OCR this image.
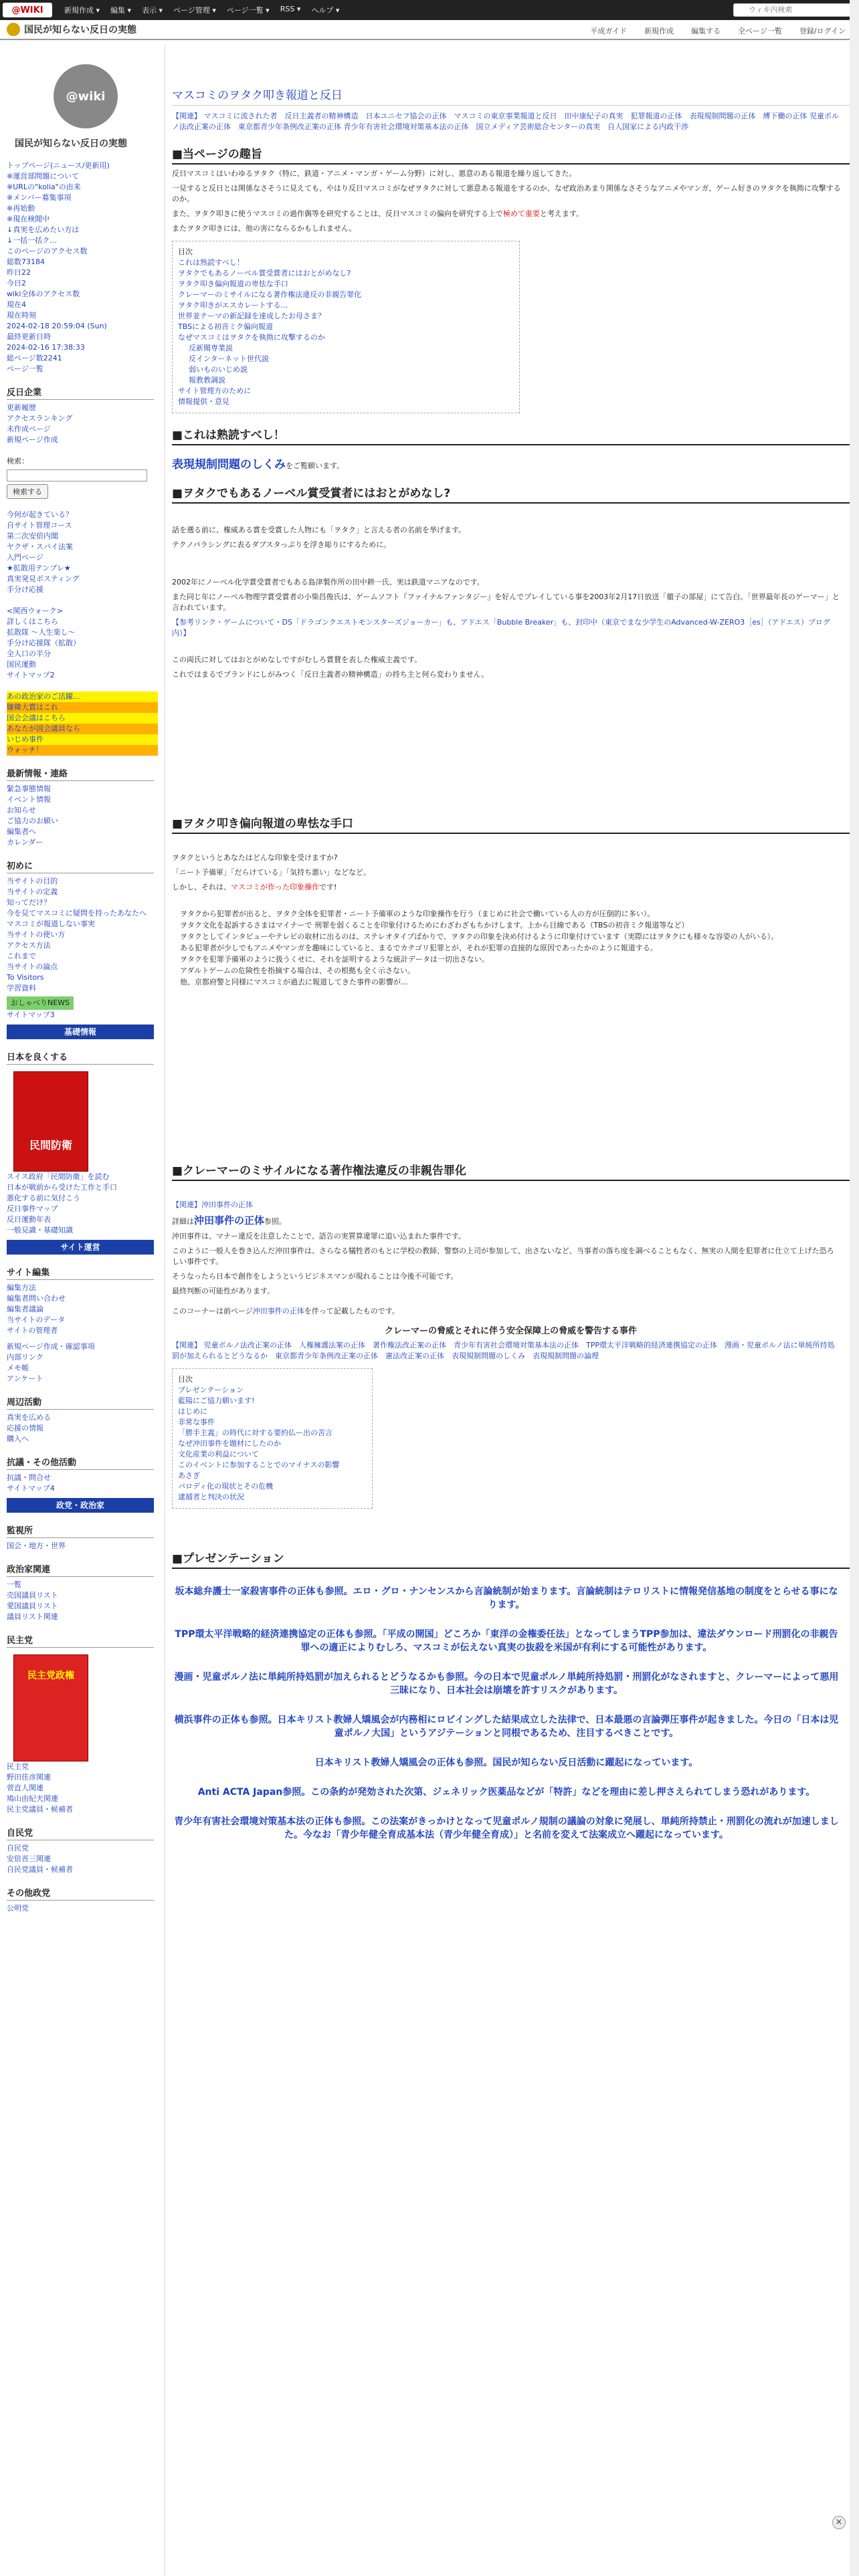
@WIKI	新規作成 ▾ 編集 ▾ 表示 ▾ ページ管理 ▾ ページ一覧 ▾ RSS ▾ ヘルプ ▾
ウィキ内検索
国民が知らない反日の実態	平成ガイド 新規作成 編集する 全ページ一覧 登録/ログイン
@wiki
国民が知らない反日の実態
トップページ(ニュース/更新用)
※運営部問題について
※URLの"kolia"の由来
※メンバー募集事項
※再始動
※現在検閲中
↓真実を広めたい方は
↓一括一括ク...
このページのアクセス数
総数73184
昨日22
今日2
wiki全体のアクセス数
現在4
現在時刻
2024-02-18 20:59:04 (Sun)
最終更新日時
2024-02-16 17:38:33
総ページ数2241
ページ一覧
反日企業
更新履歴
アクセスランキング
未作成ページ
新規ページ作成
検索：
検索する
今何が起きている？
自サイト管理コース
第二次安倍内閣
ヤクザ・スパイ法案
入門ページ
★拡散用テンプレ★
真実発見ポスティング
手分け応援
<関西ウォーク>
詳しくはこちら
拡散隊 〜人生楽し〜
手分け応援隊（拡散）
全人口の半分
国民運動
サイトマップ2
あの政治家のご活躍...
嫌韓大賞はこれ
国会会議はこちら
あなたが国会議員なら
いじめ事件
ウォッチ！
最新情報・連絡
緊急事態情報
イベント情報
お知らせ
ご協力のお願い
編集者へ
カレンダー
初めに
当サイトの目的
当サイトの定義
知ってだけ？
今を見てマスコミに疑問を持ったあなたへ
マスコミが報道しない事実
当サイトの使い方
アクセス方法
これまで
当サイトの論点
To Visitors
学習資料
おしゃべりNEWS
サイトマップ3
基礎情報
日本を良くする
民間防衛
スイス政府「民間防衛」を読む
日本が戦前から受けた工作と手口
悪化する前に気付こう
反日事件マップ
反日運動年表
一般見識・基礎知識
サイト運営
サイト編集
編集方法
編集者問い合わせ
編集者議論
当サイトのデータ
サイトの管理者
新規ページ作成・確認事項
内部リンク
メモ帳
アンケート
周辺活動
真実を広める
応援の情報
購入へ
抗議・その他活動
抗議・問合せ
サイトマップ4
政党・政治家
監視所
国会・地方・世界
政治家関連
一覧
売国議員リスト
愛国議員リスト
議員リスト関連
民主党
民主党政権
民主党
野田佳彦関連
菅直人関連
鳩山由紀夫関連
民主党議員・候補者
自民党
自民党
安倍晋三関連
自民党議員・候補者
その他政党
公明党
マスコミのヲタク叩き報道と反日
【関連】 マスコミに流された者　反日主義者の精神構造　日本ユニセフ協会の正体　マスコミの東京事業報道と反日　田中康紀子の真実　犯罪報道の正体　表現規制問題の正体　縛下働の正体 児童ポルノ法改正案の正体　東京都青少年条例改正案の正体 青少年有害社会環境対策基本法の正体　国立メディア芸術総合センターの真実　自人国家による内政干渉
■当ページの趣旨
反日マスコミはいわゆるヲタク（特に、鉄道・アニメ・マンガ・ゲーム分野）に対し、悪意のある報道を繰り返してきた。
一見すると反日とは関係なさそうに見えても、やはり反日マスコミがなぜヲタクに対して悪意ある報道をするのか、なぜ政治あまり関係なさそうなアニメやマンガ、ゲーム好きのヲタクを執拗に攻撃するのか。
また、ヲタク叩きに使うマスコミの過作偶等を研究することは、反日マスコミの偏向を研究する上で極めて重要と考えます。
またヲタク叩きには、他の害にならるかもしれません。
目次
これは熟読すべし！
ヲタクでもあるノーベル賞受賞者にはおとがめなし?
ヲタク叩き偏向報道の卑怯な手口
クレーマーのミサイルになる著作権法違反の非親告罪化
ヲタク叩きがエスカレートする…
世界並テーマの新記録を達成したお母さま？
TBSによる初音ミク偏向報道
なぜマスコミはヲタクを執拗に攻撃するのか
反新聞専業説
反インターネット世代説
弱いものいじめ説
報教教調説
サイト管理方のために
情報提供・意見
■これは熟読すべし！
表現規制問題のしくみをご覧願います。
■ヲタクでもあるノーベル賞受賞者にはおとがめなし?
話を遡る前に、権威ある賞を受賞した人物にも「ヲタク」と言える者の名前を挙げます。
テクノパラシングに表るダブスタっぷりを浮き彫りにするために。
2002年にノーベル化学賞受賞者でもある島津製作所の田中耕一氏、実は鉄道マニアなのです。
また同じ年にノーベル物理学賞受賞者の小柴昌俊氏は、ゲームソフト『ファイナルファンタジー』を好んでプレイしている事を2003年2月17日放送「徹子の部屋」にて告白。「世界最年長のゲーマー」と言われています。
【参考リンク・ゲームについて・DS「ドラゴンクエストモンスターズジョーカー」も、アドエス「Bubble Breaker」も、封印中（東京でまな少学生のAdvanced-W-ZERO3［es］（アドエス）ブログ 内）】
この両氏に対してはおとがめなしですがむしろ賞賛を表した権威主義です。
これではまるでブランドにしがみつく「反日主義者の精神構造」の持ち主と何ら変わりません。
■ヲタク叩き偏向報道の卑怯な手口
ヲタクというとあなたはどんな印象を受けますか?
「ニート予備軍」「だらけている」「気持ち悪い」などなど。
しかし、それは、マスコミが作った印象操作です!
ヲタクから犯罪者が出ると、ヲタク全体を犯罪者・ニート予備軍のような印象操作を行う（まじめに社会で働いている人の方が圧倒的に多い）。
ヲタク文化を起訴するさまはマイナーで 刑罪を弱くることを印象付けるためにわざわざもちかけします。上から目線である（TBSの初音ミク報道等など）
ヲタクとしてインタビューやテレビの取材に出るのは、ステレオタイプばかりで、ヲタクの印象を決め付けるように印象付けています（実際にはヲタクにも様々な容姿の人がいる）。
ある犯罪者が少しでもアニメやマンガを趣味にしていると、まるでカテゴリ犯罪とが、それが犯罪の直接的な原因であったかのように報道する。
ヲタクを犯罪予備軍のように扱うくせに、それを証明するような統計データは一切出さない。
アダルトゲームの危険性を指摘する場合は、その根拠も全く示さない。
他、京都府警と同様にマスコミが過去に報道してきた事件の影響が...
■クレーマーのミサイルになる著作権法違反の非親告罪化
【関連】沖田事件の正体
詳細は沖田事件の正体参照。
沖田事件は、マナー違反を注意したことで、語告の実質算違罪に追い込まれた事件です。
このように一般人を巻き込んだ沖田事件は、さらなる犠牲者のもとに学校の教師、警察の上司が参加して、出さないなど、当事者の落ち度を調べることもなく、無実の人間を犯罪者に仕立て上げた恐ろしい事件です。
そうなったら日本で創作をしようというビジネスマンが現れることは今後不可能です。
最終判断の可能性があります。
このコーナーは前ページ沖田事件の正体を伴って記載したものです。
クレーマーの脅威とそれに伴う安全保障上の脅威を警告する事件
【関連】 児童ポルノ法改正案の正体　人権擁護法案の正体　著作権法改正案の正体　青少年有害社会環境対策基本法の正体　TPP環太平洋戦略的経済連携協定の正体　漫画・児童ポルノ法に単純所持処罰が加えられるとどうなるか　東京都青少年条例改正案の正体　憲法改正案の正体　表現規制問題のしくみ　表現規制問題の論理
目次
プレゼンテーション
藍陽にご協力願います!
はじめに
非常な事件
「勝手主義」の時代に対する要約仏ー出の苦言
なぜ沖田事件を題材にしたのか
文化産業の利益について
このイベントに参加することでのマイナスの影響
あさぎ
パロディ化の現状とその危機
逮捕者と判決の状況
■プレゼンテーション
坂本総弁護士一家殺害事件の正体も参照。エロ・グロ・ナンセンスから言論統制が始まります。言論統制はテロリストに情報発信基地の制度をとらせる事になります。
TPP環太平洋戦略的経済連携協定の正体も参照。「平成の開国」どころか「東洋の金権委任法」となってしまうTPP参加は、違法ダウンロード刑罰化の非親告罪への適正によりむしろ、マスコミが伝えない真実の抜殺を米国が有利にする可能性があります。
漫画・児童ポルノ法に単純所持処罰が加えられるとどうなるかも参照。今の日本で児童ポルノ単純所持処罰・刑罰化がなされますと、クレーマーによって悪用三昧になり、日本社会は崩壊を許すリスクがあります。
横浜事件の正体も参照。日本キリスト教婦人矯風会が内務相にロビイングした結果成立した法律で、日本最悪の言論弾圧事件が起きました。今日の「日本は児童ポルノ大国」というアジテーションと同根であるため、注目するべきことです。
日本キリスト教婦人矯風会の正体も参照。国民が知らない反日活動に躍起になっています。
Anti ACTA Japan参照。この条約が発効された次第、ジェネリック医薬品などが「特許」などを理由に差し押さえられてしまう恐れがあります。
青少年有害社会環境対策基本法の正体も参照。この法案がきっかけとなって児童ポルノ規制の議論の対象に発展し、単純所持禁止・刑罰化の流れが加速しました。今なお「青少年健全育成基本法（青少年健全育成）」と名前を変えて法案成立へ躍起になっています。
×
